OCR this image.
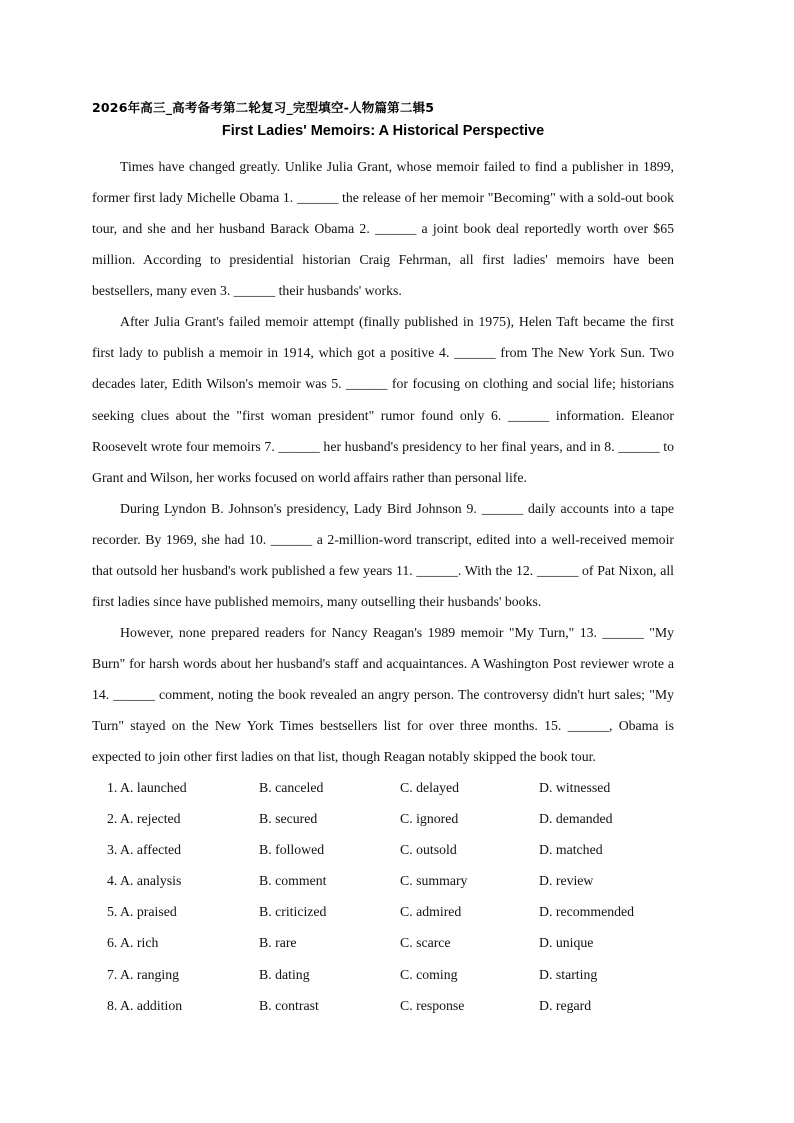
2026年高三_高考备考第二轮复习_完型填空-人物篇第二辑5
First Ladies' Memoirs: A Historical Perspective

Times have changed greatly. Unlike Julia Grant, whose memoir failed to find a publisher in 1899, former first lady Michelle Obama 1. ______ the release of her memoir "Becoming" with a sold-out book tour, and she and her husband Barack Obama 2. ______ a joint book deal reportedly worth over $65 million. According to presidential historian Craig Fehrman, all first ladies' memoirs have been bestsellers, many even 3. ______ their husbands' works.

After Julia Grant's failed memoir attempt (finally published in 1975), Helen Taft became the first first lady to publish a memoir in 1914, which got a positive 4. ______ from The New York Sun. Two decades later, Edith Wilson's memoir was 5. ______ for focusing on clothing and social life; historians seeking clues about the "first woman president" rumor found only 6. ______ information. Eleanor Roosevelt wrote four memoirs 7. ______ her husband's presidency to her final years, and in 8. ______ to Grant and Wilson, her works focused on world affairs rather than personal life.

During Lyndon B. Johnson's presidency, Lady Bird Johnson 9. ______ daily accounts into a tape recorder. By 1969, she had 10. ______ a 2-million-word transcript, edited into a well-received memoir that outsold her husband's work published a few years 11. ______. With the 12. ______ of Pat Nixon, all first ladies since have published memoirs, many outselling their husbands' books.

However, none prepared readers for Nancy Reagan's 1989 memoir "My Turn," 13. ______ "My Burn" for harsh words about her husband's staff and acquaintances. A Washington Post reviewer wrote a 14. ______ comment, noting the book revealed an angry person. The controversy didn't hurt sales; "My Turn" stayed on the New York Times bestsellers list for over three months. 15. ______, Obama is expected to join other first ladies on that list, though Reagan notably skipped the book tour.

1. A. launched	B. canceled	C. delayed	D. witnessed
2. A. rejected	B. secured	C. ignored	D. demanded
3. A. affected	B. followed	C. outsold	D. matched
4. A. analysis	B. comment	C. summary	D. review
5. A. praised	B. criticized	C. admired	D. recommended
6. A. rich	B. rare	C. scarce	D. unique
7. A. ranging	B. dating	C. coming	D. starting
8. A. addition	B. contrast	C. response	D. regard
